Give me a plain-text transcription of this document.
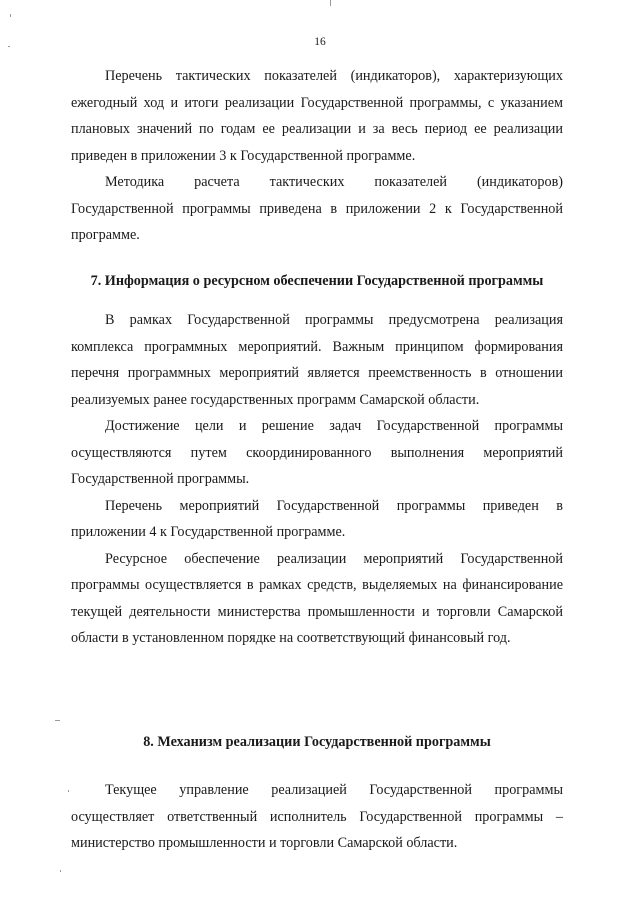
16

Перечень тактических показателей (индикаторов), характеризующих ежегодный ход и итоги реализации Государственной программы, с указанием плановых значений по годам ее реализации и за весь период ее реализации приведен в приложении 3 к Государственной программе.

Методика расчета тактических показателей (индикаторов) Государственной программы приведена в приложении 2 к Государственной программе.

7. Информация о ресурсном обеспечении Государственной программы

В рамках Государственной программы предусмотрена реализация комплекса программных мероприятий. Важным принципом формирования перечня программных мероприятий является преемственность в отношении реализуемых ранее государственных программ Самарской области.

Достижение цели и решение задач Государственной программы осуществляются путем скоординированного выполнения мероприятий Государственной программы.

Перечень мероприятий Государственной программы приведен в приложении 4 к Государственной программе.

Ресурсное обеспечение реализации мероприятий Государственной программы осуществляется в рамках средств, выделяемых на финансирование текущей деятельности министерства промышленности и торговли Самарской области в установленном порядке на соответствующий финансовый год.

8. Механизм реализации Государственной программы

Текущее управление реализацией Государственной программы осуществляет ответственный исполнитель Государственной программы – министерство промышленности и торговли Самарской области.
